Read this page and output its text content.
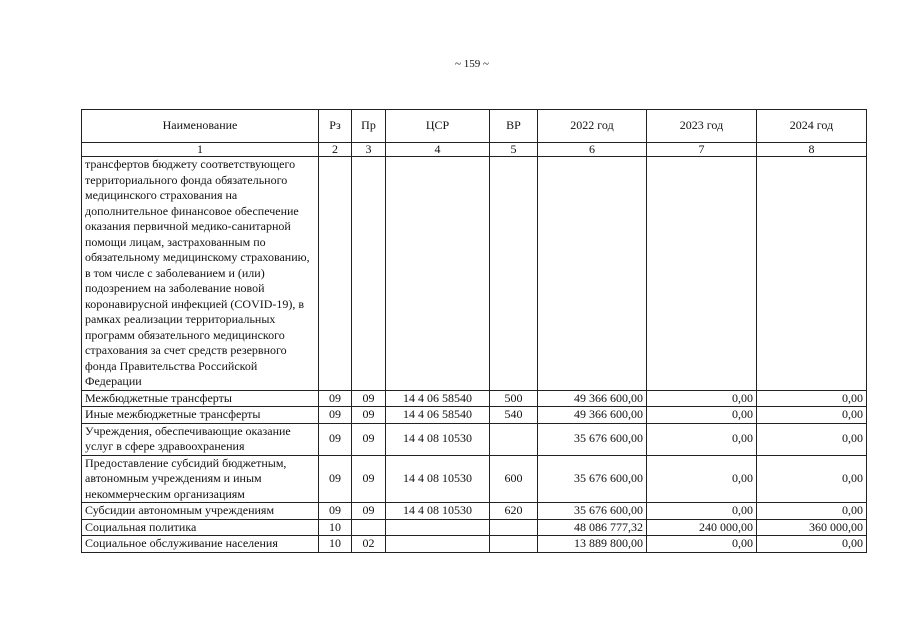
~ 159 ~
Наименование	Рз	Пр	ЦСР	ВР	2022 год	2023 год	2024 год
1	2	3	4	5	6	7	8
трансфертов бюджету соответствующего территориального фонда обязательного медицинского страхования на дополнительное финансовое обеспечение оказания первичной медико-санитарной помощи лицам, застрахованным по обязательному медицинскому страхованию, в том числе с заболеванием и (или) подозрением на заболевание новой коронавирусной инфекцией (COVID-19), в рамках реализации территориальных программ обязательного медицинского страхования за счет средств резервного фонда Правительства Российской Федерации							
Межбюджетные трансферты	09	09	14 4 06 58540	500	49 366 600,00	0,00	0,00
Иные межбюджетные трансферты	09	09	14 4 06 58540	540	49 366 600,00	0,00	0,00
Учреждения, обеспечивающие оказание услуг в сфере здравоохранения	09	09	14 4 08 10530		35 676 600,00	0,00	0,00
Предоставление субсидий бюджетным, автономным учреждениям и иным некоммерческим организациям	09	09	14 4 08 10530	600	35 676 600,00	0,00	0,00
Субсидии автономным учреждениям	09	09	14 4 08 10530	620	35 676 600,00	0,00	0,00
Социальная политика	10				48 086 777,32	240 000,00	360 000,00
Социальное обслуживание населения	10	02			13 889 800,00	0,00	0,00
